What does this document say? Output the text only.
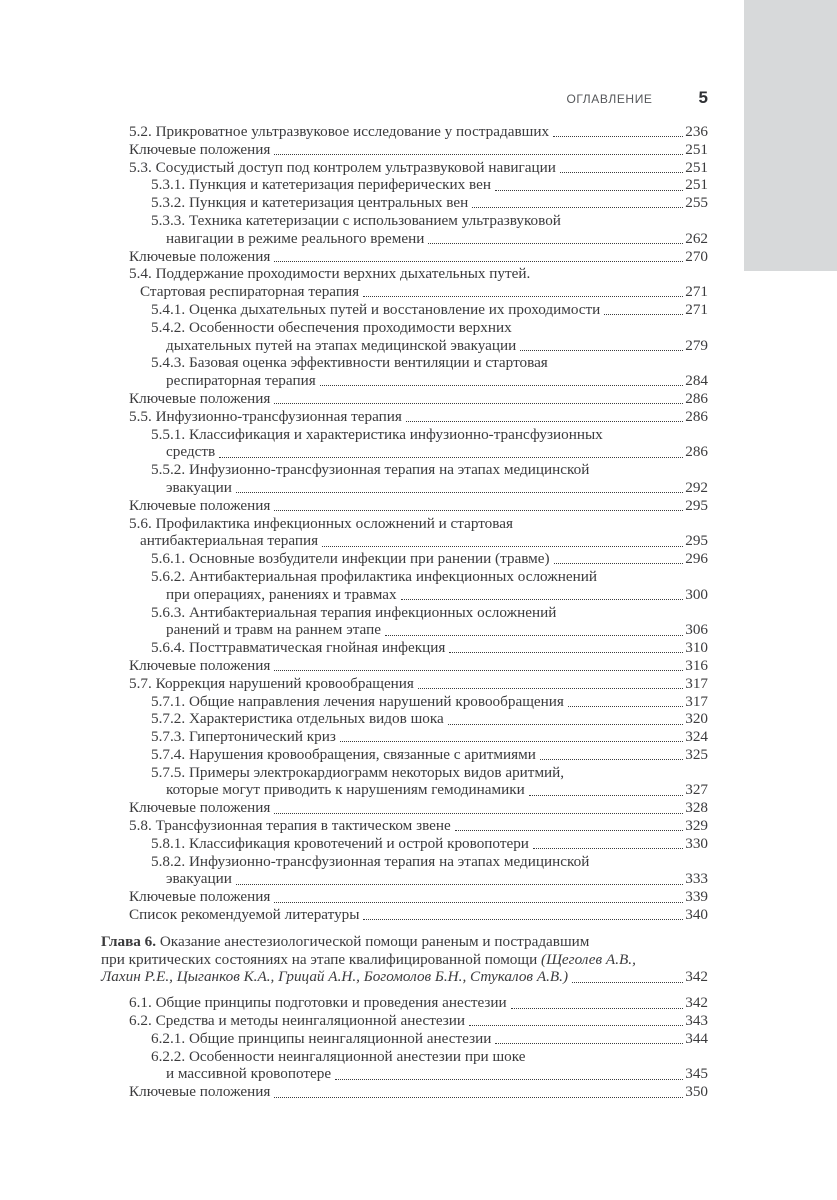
ОГЛАВЛЕНИЕ	5
5.2. Прикроватное ультразвуковое исследование у пострадавших	236
Ключевые положения	251
5.3. Сосудистый доступ под контролем ультразвуковой навигации	251
5.3.1. Пункция и катетеризация периферических вен	251
5.3.2. Пункция и катетеризация центральных вен	255
5.3.3. Техника катетеризации с использованием ультразвуковой
навигации в режиме реального времени	262
Ключевые положения	270
5.4. Поддержание проходимости верхних дыхательных путей.
Стартовая респираторная терапия	271
5.4.1. Оценка дыхательных путей и восстановление их проходимости	271
5.4.2. Особенности обеспечения проходимости верхних
дыхательных путей на этапах медицинской эвакуации	279
5.4.3. Базовая оценка эффективности вентиляции и стартовая
респираторная терапия	284
Ключевые положения	286
5.5. Инфузионно-трансфузионная терапия	286
5.5.1. Классификация и характеристика инфузионно-трансфузионных
средств	286
5.5.2. Инфузионно-трансфузионная терапия на этапах медицинской
эвакуации	292
Ключевые положения	295
5.6. Профилактика инфекционных осложнений и стартовая
антибактериальная терапия	295
5.6.1. Основные возбудители инфекции при ранении (травме)	296
5.6.2. Антибактериальная профилактика инфекционных осложнений
при операциях, ранениях и травмах	300
5.6.3. Антибактериальная терапия инфекционных осложнений
ранений и травм на раннем этапе	306
5.6.4. Посттравматическая гнойная инфекция	310
Ключевые положения	316
5.7. Коррекция нарушений кровообращения	317
5.7.1. Общие направления лечения нарушений кровообращения	317
5.7.2. Характеристика отдельных видов шока	320
5.7.3. Гипертонический криз	324
5.7.4. Нарушения кровообращения, связанные с аритмиями	325
5.7.5. Примеры электрокардиограмм некоторых видов аритмий,
которые могут приводить к нарушениям гемодинамики	327
Ключевые положения	328
5.8. Трансфузионная терапия в тактическом звене	329
5.8.1. Классификация кровотечений и острой кровопотери	330
5.8.2. Инфузионно-трансфузионная терапия на этапах медицинской
эвакуации	333
Ключевые положения	339
Список рекомендуемой литературы	340
Глава 6. Оказание анестезиологической помощи раненым и пострадавшим
при критических состояниях на этапе квалифицированной помощи (Щеголев А.В.,
Лахин Р.Е., Цыганков К.А., Грицай А.Н., Богомолов Б.Н., Стукалов А.В.)	342
6.1. Общие принципы подготовки и проведения анестезии	342
6.2. Средства и методы неингаляционной анестезии	343
6.2.1. Общие принципы неингаляционной анестезии	344
6.2.2. Особенности неингаляционной анестезии при шоке
и массивной кровопотере	345
Ключевые положения	350
